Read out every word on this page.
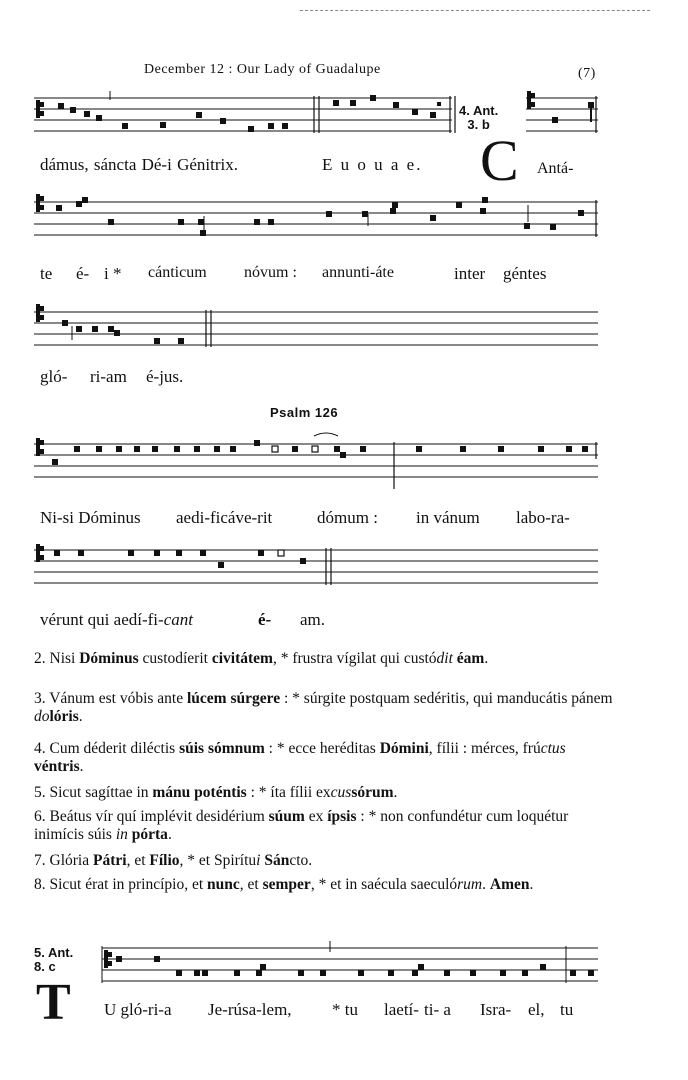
December 12 : Our Lady of Guadalupe	(7)
4. Ant.
3. b
dámus, sáncta Dé-i Génitrix.	E u o u a e. C Antá-
te é- i * cánticum nóvum : annunti-áte	inter géntes
gló- ri-am é-jus.
Psalm 126
Ni-si Dóminus aedi-ficáve-rit	dómum : in vánum labo-ra-
vérunt qui aedí-fi-cant	é- am.
2. Nisi Dóminus custodíerit civitátem, * frustra vígilat qui custódit éam.
3. Vánum est vóbis ante lúcem súrgere : * súrgite postquam sedéritis, qui manducátis pánem dolóris.
4. Cum déderit diléctis súis sómnum : * ecce heréditas Dómini, fílii : mérces, frúctus véntris.
5. Sicut sagíttae in mánu poténtis : * íta fílii excussórum.
6. Beátus vír quí implévit desidérium súum ex ípsis : * non confundétur cum loquétur inimícis súis in pórta.
7. Glória Pátri, et Fílio, * et Spirítui Sáncto.
8. Sicut érat in princípio, et nunc, et semper, * et in saécula saeculórum. Amen.
5. Ant.
8. c
T U gló-ri-a Je-rúsa-lem, * tu laetí- ti- a Isra- el, tu
